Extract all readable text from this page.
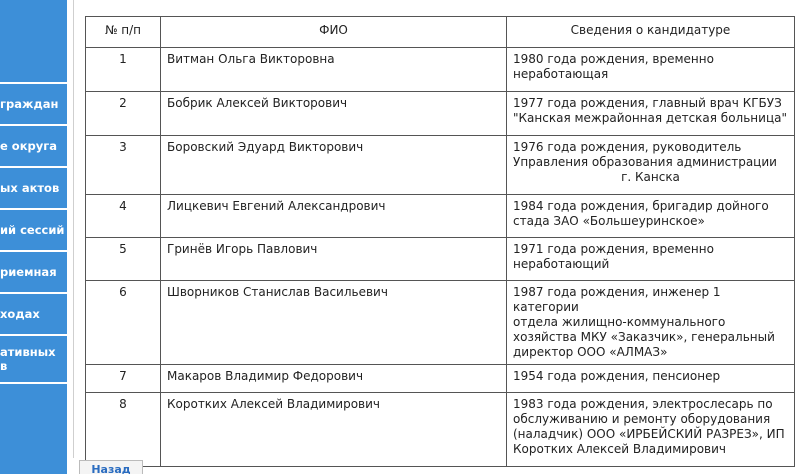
граждан
е округа
ых актов
ий сессий
риемная
ходах
ативных
в
№ п/п	ФИО	Сведения о кандидатуре
1	Витман Ольга Викторовна	1980 года рождения, временно
неработающая

2	Бобрик Алексей Викторович	1977 года рождения, главный врач КГБУЗ
"Канская межрайонная детская больница"

3	Боровский Эдуард Викторович	1976 года рождения, руководитель
Управления образования администрации
г. Канска

4	Лицкевич Евгений Александрович	1984 года рождения, бригадир дойного
стада ЗАО «Большеуринское»

5	Гринёв Игорь Павлович	1971 года рождения, временно
неработающий

6	Шворников Станислав Васильевич	1987 года рождения, инженер 1 категории
отдела жилищно-коммунального
хозяйства МКУ «Заказчик», генеральный
директор ООО «АЛМАЗ»

7	Макаров Владимир Федорович	1954 года рождения, пенсионер

8	Коротких Алексей Владимирович	1983 года рождения, электрослесарь по
обслуживанию и ремонту оборудования
(наладчик) ООО «ИРБЕЙСКИЙ РАЗРЕЗ», ИП
Коротких Алексей Владимирович
Назад
